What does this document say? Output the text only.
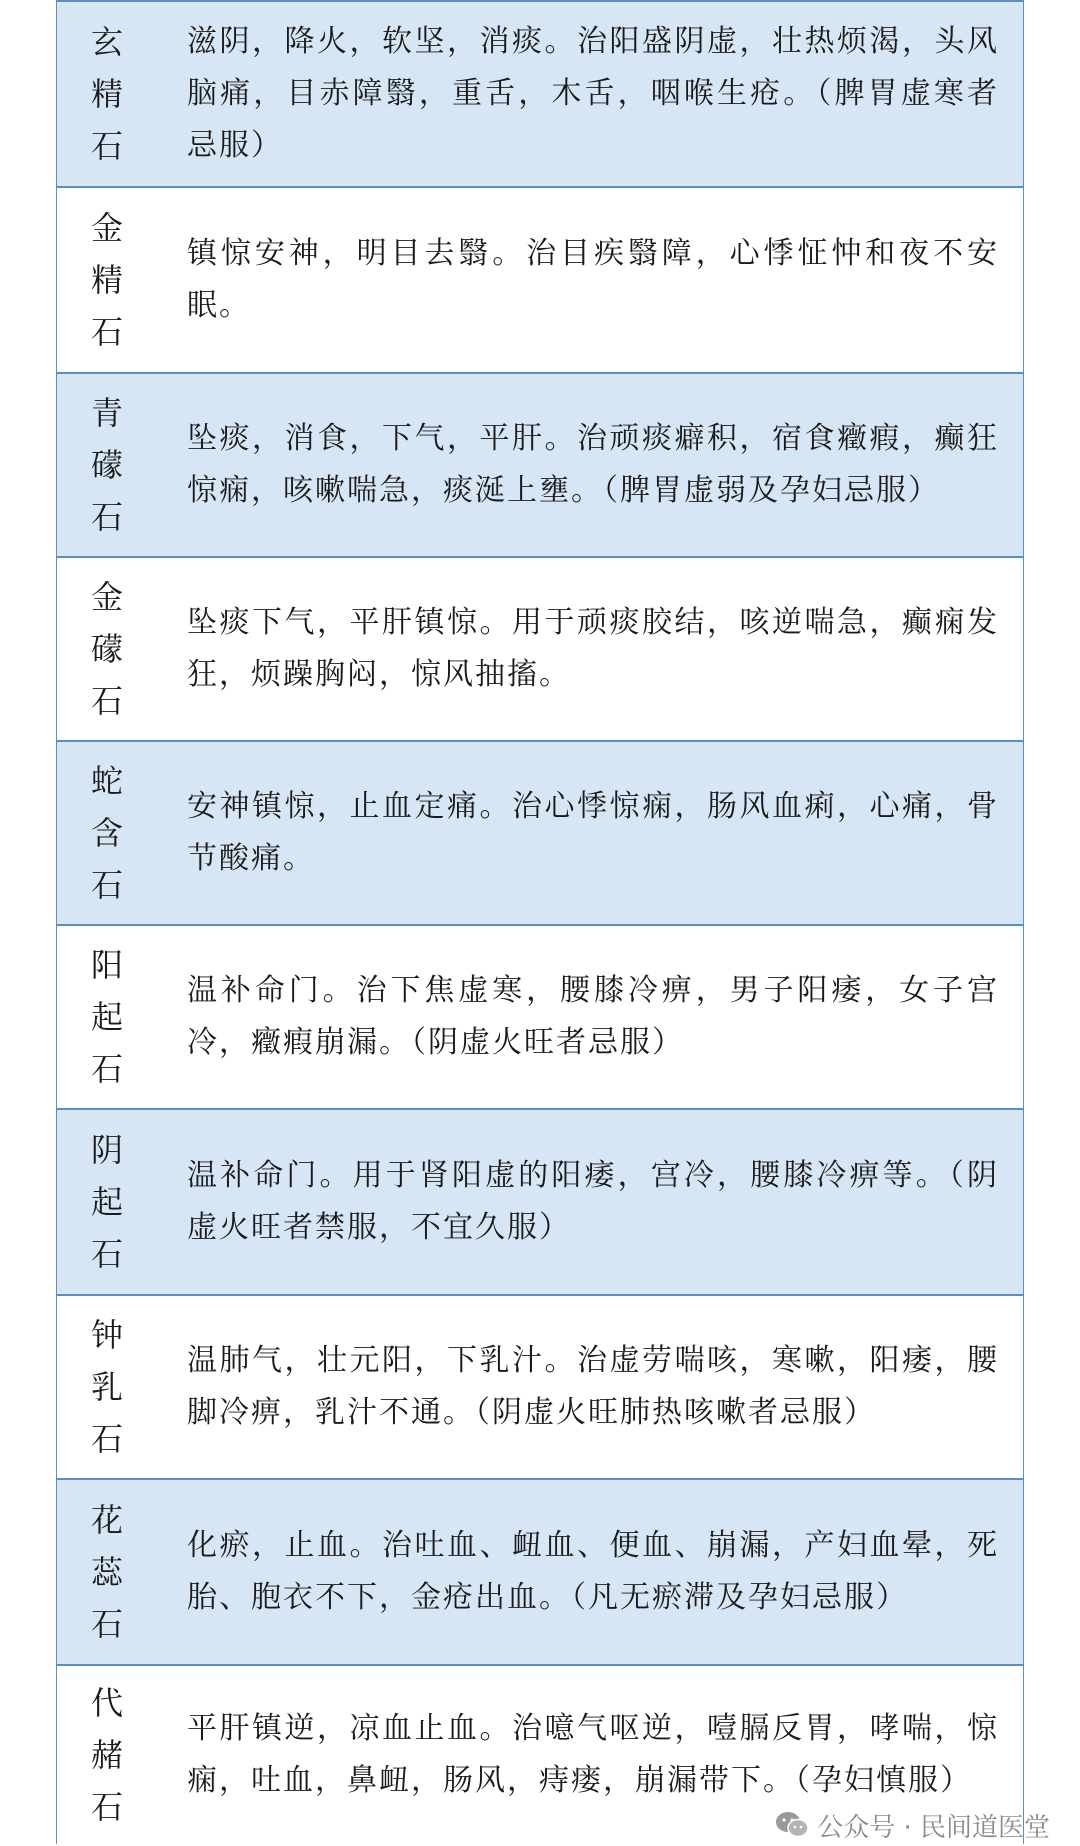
玄精石
滋阴，降火，软坚，消痰。治阳盛阴虚，壮热烦渴，头风脑痛，目赤障翳，重舌，木舌，咽喉生疮。（脾胃虚寒者忌服）
金精石
镇惊安神，明目去翳。治目疾翳障，心悸怔忡和夜不安眠。
青礞石
坠痰，消食，下气，平肝。治顽痰癖积，宿食癥瘕，癫狂惊痫，咳嗽喘急，痰涎上壅。（脾胃虚弱及孕妇忌服）
金礞石
坠痰下气，平肝镇惊。用于顽痰胶结，咳逆喘急，癫痫发狂，烦躁胸闷，惊风抽搐。
蛇含石
安神镇惊，止血定痛。治心悸惊痫，肠风血痢，心痛，骨节酸痛。
阳起石
温补命门。治下焦虚寒，腰膝冷痹，男子阳痿，女子宫冷，癥瘕崩漏。（阴虚火旺者忌服）
阴起石
温补命门。用于肾阳虚的阳痿，宫冷，腰膝冷痹等。（阴虚火旺者禁服，不宜久服）
钟乳石
温肺气，壮元阳，下乳汁。治虚劳喘咳，寒嗽，阳痿，腰脚冷痹，乳汁不通。（阴虚火旺肺热咳嗽者忌服）
花蕊石
化瘀，止血。治吐血、衄血、便血、崩漏，产妇血晕，死胎、胞衣不下，金疮出血。（凡无瘀滞及孕妇忌服）
代赭石
平肝镇逆，凉血止血。治噫气呕逆，噎膈反胃，哮喘，惊痫，吐血，鼻衄，肠风，痔瘘，崩漏带下。（孕妇慎服）
公众号 · 民间道医堂
